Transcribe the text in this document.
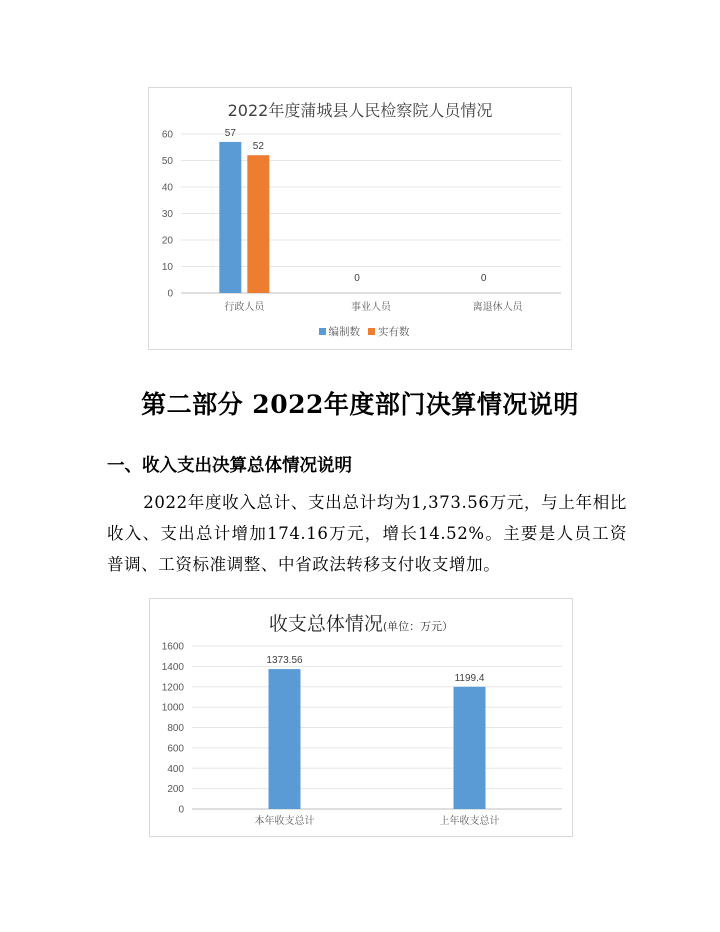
2022年度蒲城县人民检察院人员情况
0
10
20
30
40
50
60
行政人员
57
52
事业人员
0
离退休人员
0
编制数 实有数
第二部分 2022年度部门决算情况说明
一、收入支出决算总体情况说明
2022年度收入总计、支出总计均为1,373.56万元，与上年相比收入、支出总计增加174.16万元，增长14.52%。主要是人员工资普调、工资标准调整、中省政法转移支付收支增加。
收支总体情况(单位：万元）
0
200
400
600
800
1000
1200
1400
1600
本年收支总计
1373.56
上年收支总计
1199.4
